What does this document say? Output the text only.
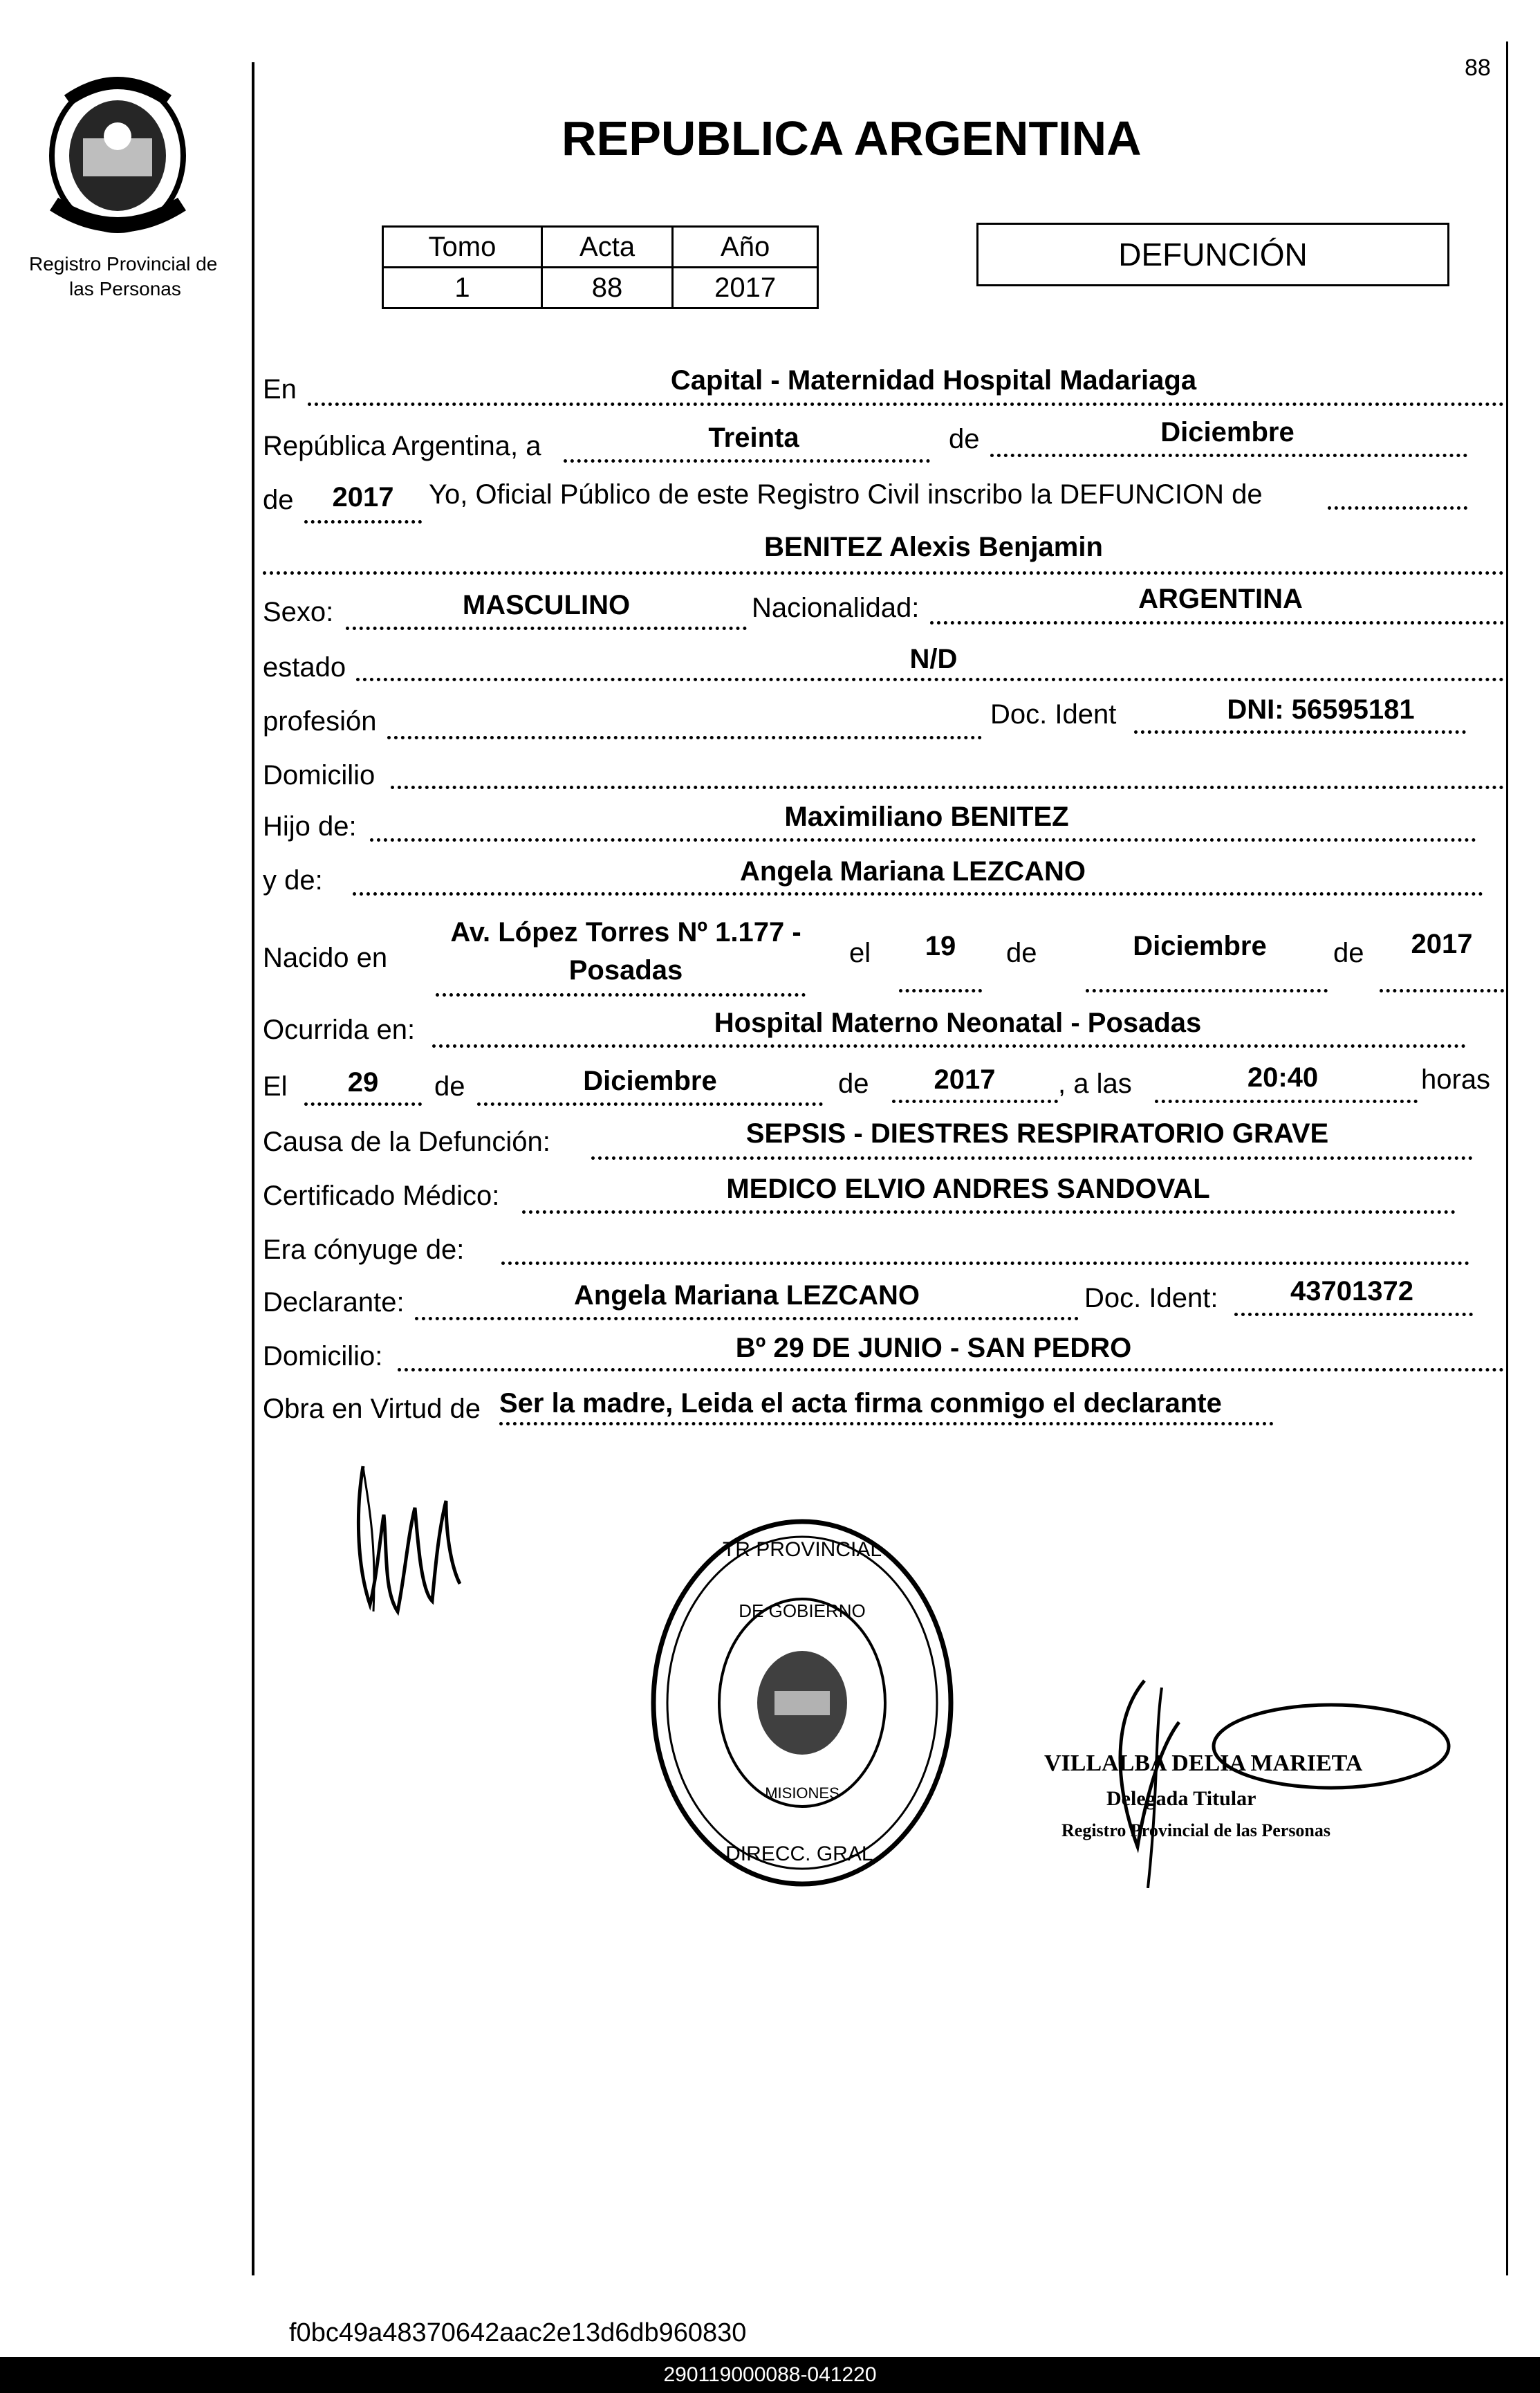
Registro Provincial de
las Personas
88
REPUBLICA ARGENTINA
Tomo	Acta	Año
1	88	2017
DEFUNCIÓN
En	Capital - Maternidad Hospital Madariaga
República Argentina, a	Treinta	de	Diciembre
de	2017	Yo, Oficial Público de este Registro Civil inscribo la DEFUNCION de
BENITEZ Alexis Benjamin
Sexo:	MASCULINO	Nacionalidad:	ARGENTINA
estado	N/D
profesión	Doc. Ident	DNI: 56595181
Domicilio
Hijo de:	Maximiliano BENITEZ
y de:	Angela Mariana LEZCANO
Nacido en
Av. López Torres Nº 1.177 -
Posadas
el	19	de	Diciembre	de	2017
Ocurrida en:	Hospital Materno Neonatal - Posadas
El	29	de	Diciembre	de	2017	, a las	20:40	horas
Causa de la Defunción:	SEPSIS - DIESTRES RESPIRATORIO GRAVE
Certificado Médico:	MEDICO ELVIO ANDRES SANDOVAL
Era cónyuge de:
Declarante:	Angela Mariana LEZCANO	Doc. Ident:	43701372
Domicilio:	Bº 29 DE JUNIO - SAN PEDRO
Obra en Virtud de Ser la madre, Leida el acta firma conmigo el declarante
TR PROVINCIAL
DIRECC. GRAL.
DE GOBIERNO
MISIONES
VILLALBA DELIA MARIETA
Delegada Titular
Registro Provincial de las Personas
f0bc49a48370642aac2e13d6db960830
290119000088-041220
